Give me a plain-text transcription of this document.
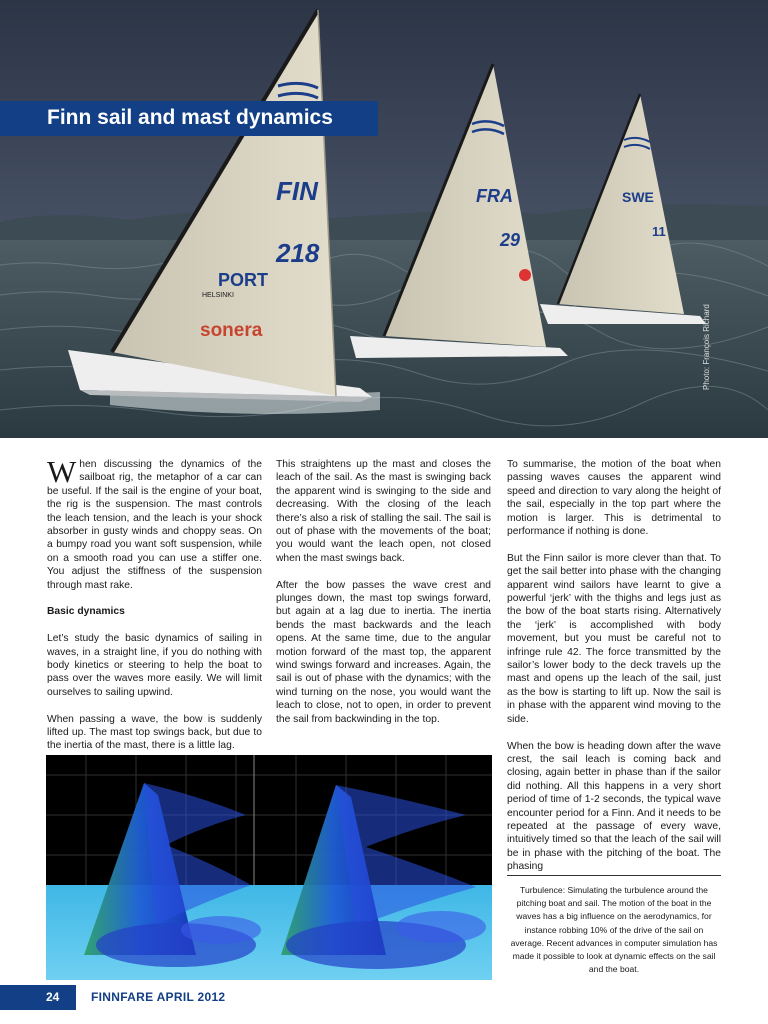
FIN
218
PORT
HELSINKI
sonera
FRA
29
SWE
11
Finn sail and mast dynamics
Photo: François Richard

When discussing the dynamics of the sailboat rig, the metaphor of a car can be useful. If the sail is the engine of your boat, the rig is the suspension. The mast controls the leach tension, and the leach is your shock absorber in gusty winds and choppy seas. On a bumpy road you want soft suspension, while on a smooth road you can use a stiffer one. You adjust the stiffness of the suspension through mast rake.

Basic dynamics

Let’s study the basic dynamics of sailing in waves, in a straight line, if you do nothing with body kinetics or steering to help the boat to pass over the waves more easily. We will limit ourselves to sailing upwind.

When passing a wave, the bow is suddenly lifted up. The mast top swings back, but due to the inertia of the mast, there is a little lag.

This straightens up the mast and closes the leach of the sail. As the mast is swinging back the apparent wind is swinging to the side and decreasing. With the closing of the leach there’s also a risk of stalling the sail. The sail is out of phase with the movements of the boat; you would want the leach open, not closed when the mast swings back.

After the bow passes the wave crest and plunges down, the mast top swings forward, but again at a lag due to inertia. The inertia bends the mast backwards and the leach opens. At the same time, due to the angular motion forward of the mast top, the apparent wind swings forward and increases. Again, the sail is out of phase with the dynamics; with the wind turning on the nose, you would want the leach to close, not to open, in order to prevent the sail from backwinding in the top.

To summarise, the motion of the boat when passing waves causes the apparent wind speed and direction to vary along the height of the sail, especially in the top part where the motion is larger. This is detrimental to performance if nothing is done.

But the Finn sailor is more clever than that. To get the sail better into phase with the changing apparent wind sailors have learnt to give a powerful ‘jerk’ with the thighs and legs just as the bow of the boat starts rising. Alternatively the ‘jerk’ is accomplished with body movement, but you must be careful not to infringe rule 42. The force transmitted by the sailor’s lower body to the deck travels up the mast and opens up the leach of the sail, just as the bow is starting to lift up. Now the sail is in phase with the apparent wind moving to the side.

When the bow is heading down after the wave crest, the sail leach is coming back and closing, again better in phase than if the sailor did nothing. All this happens in a very short period of time of 1-2 seconds, the typical wave encounter period for a Finn. And it needs to be repeated at the passage of every wave, intuitively timed so that the leach of the sail will be in phase with the pitching of the boat. The phasing

Turbulence: Simulating the turbulence around the pitching boat and sail. The motion of the boat in the waves has a big influence on the aerodynamics, for instance robbing 10% of the drive of the sail on average. Recent advances in computer simulation has made it possible to look at dynamic effects on the sail and the boat.
24	FINNFARE APRIL 2012
